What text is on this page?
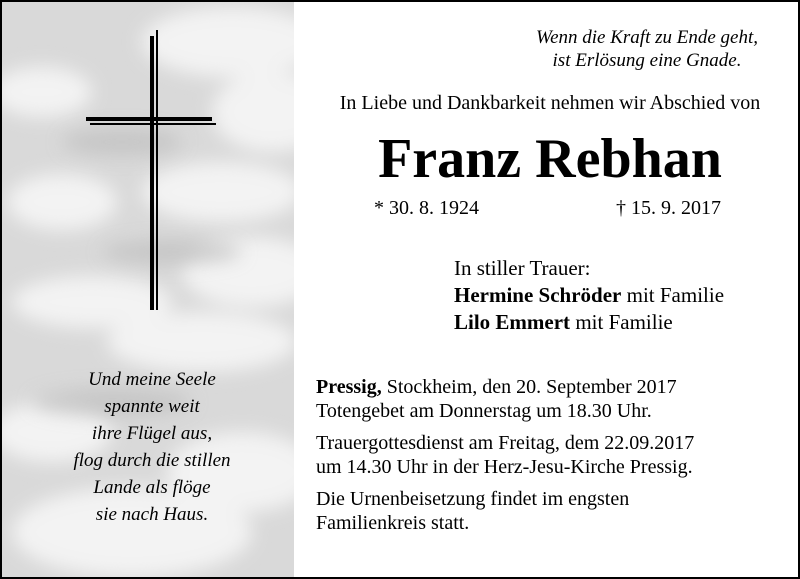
Und meine Seele
spannte weit
ihre Flügel aus,
flog durch die stillen
Lande als flöge
sie nach Haus.
Wenn die Kraft zu Ende geht,
ist Erlösung eine Gnade.
In Liebe und Dankbarkeit nehmen wir Abschied von
Franz Rebhan
* 30. 8. 1924	† 15. 9. 2017
In stiller Trauer:
Hermine Schröder mit Familie
Lilo Emmert mit Familie
Pressig, Stockheim, den 20. September 2017
Totengebet am Donnerstag um 18.30 Uhr.
Trauergottesdienst am Freitag, dem 22.09.2017
um 14.30 Uhr in der Herz-Jesu-Kirche Pressig.
Die Urnenbeisetzung findet im engsten
Familienkreis statt.
